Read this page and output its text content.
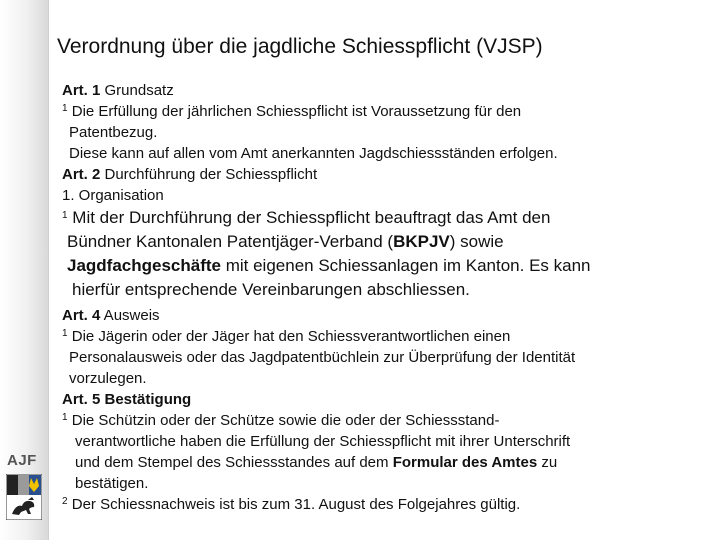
AJF
Verordnung über die jagdliche Schiesspflicht (VJSP)
Art. 1 Grundsatz
$^1$ Die Erfüllung der jährlichen Schiesspflicht ist Voraussetzung für den
Patentbezug.
Diese kann auf allen vom Amt anerkannten Jagdschiessständen erfolgen.
Art. 2 Durchführung der Schiesspflicht
1. Organisation
$^1$ Mit der Durchführung der Schiesspflicht beauftragt das Amt den
Bündner Kantonalen Patentjäger-Verband (BKPJV) sowie
Jagdfachgeschäfte mit eigenen Schiessanlagen im Kanton. Es kann
hierfür entsprechende Vereinbarungen abschliessen.
Art. 4 Ausweis
$^1$ Die Jägerin oder der Jäger hat den Schiessverantwortlichen einen
Personalausweis oder das Jagdpatentbüchlein zur Überprüfung der Identität
vorzulegen.
Art. 5 Bestätigung
$^1$ Die Schützin oder der Schütze sowie die oder der Schiessstand-
verantwortliche haben die Erfüllung der Schiesspflicht mit ihrer Unterschrift
und dem Stempel des Schiessstandes auf dem Formular des Amtes zu
bestätigen.
$^2$ Der Schiessnachweis ist bis zum 31. August des Folgejahres gültig.
